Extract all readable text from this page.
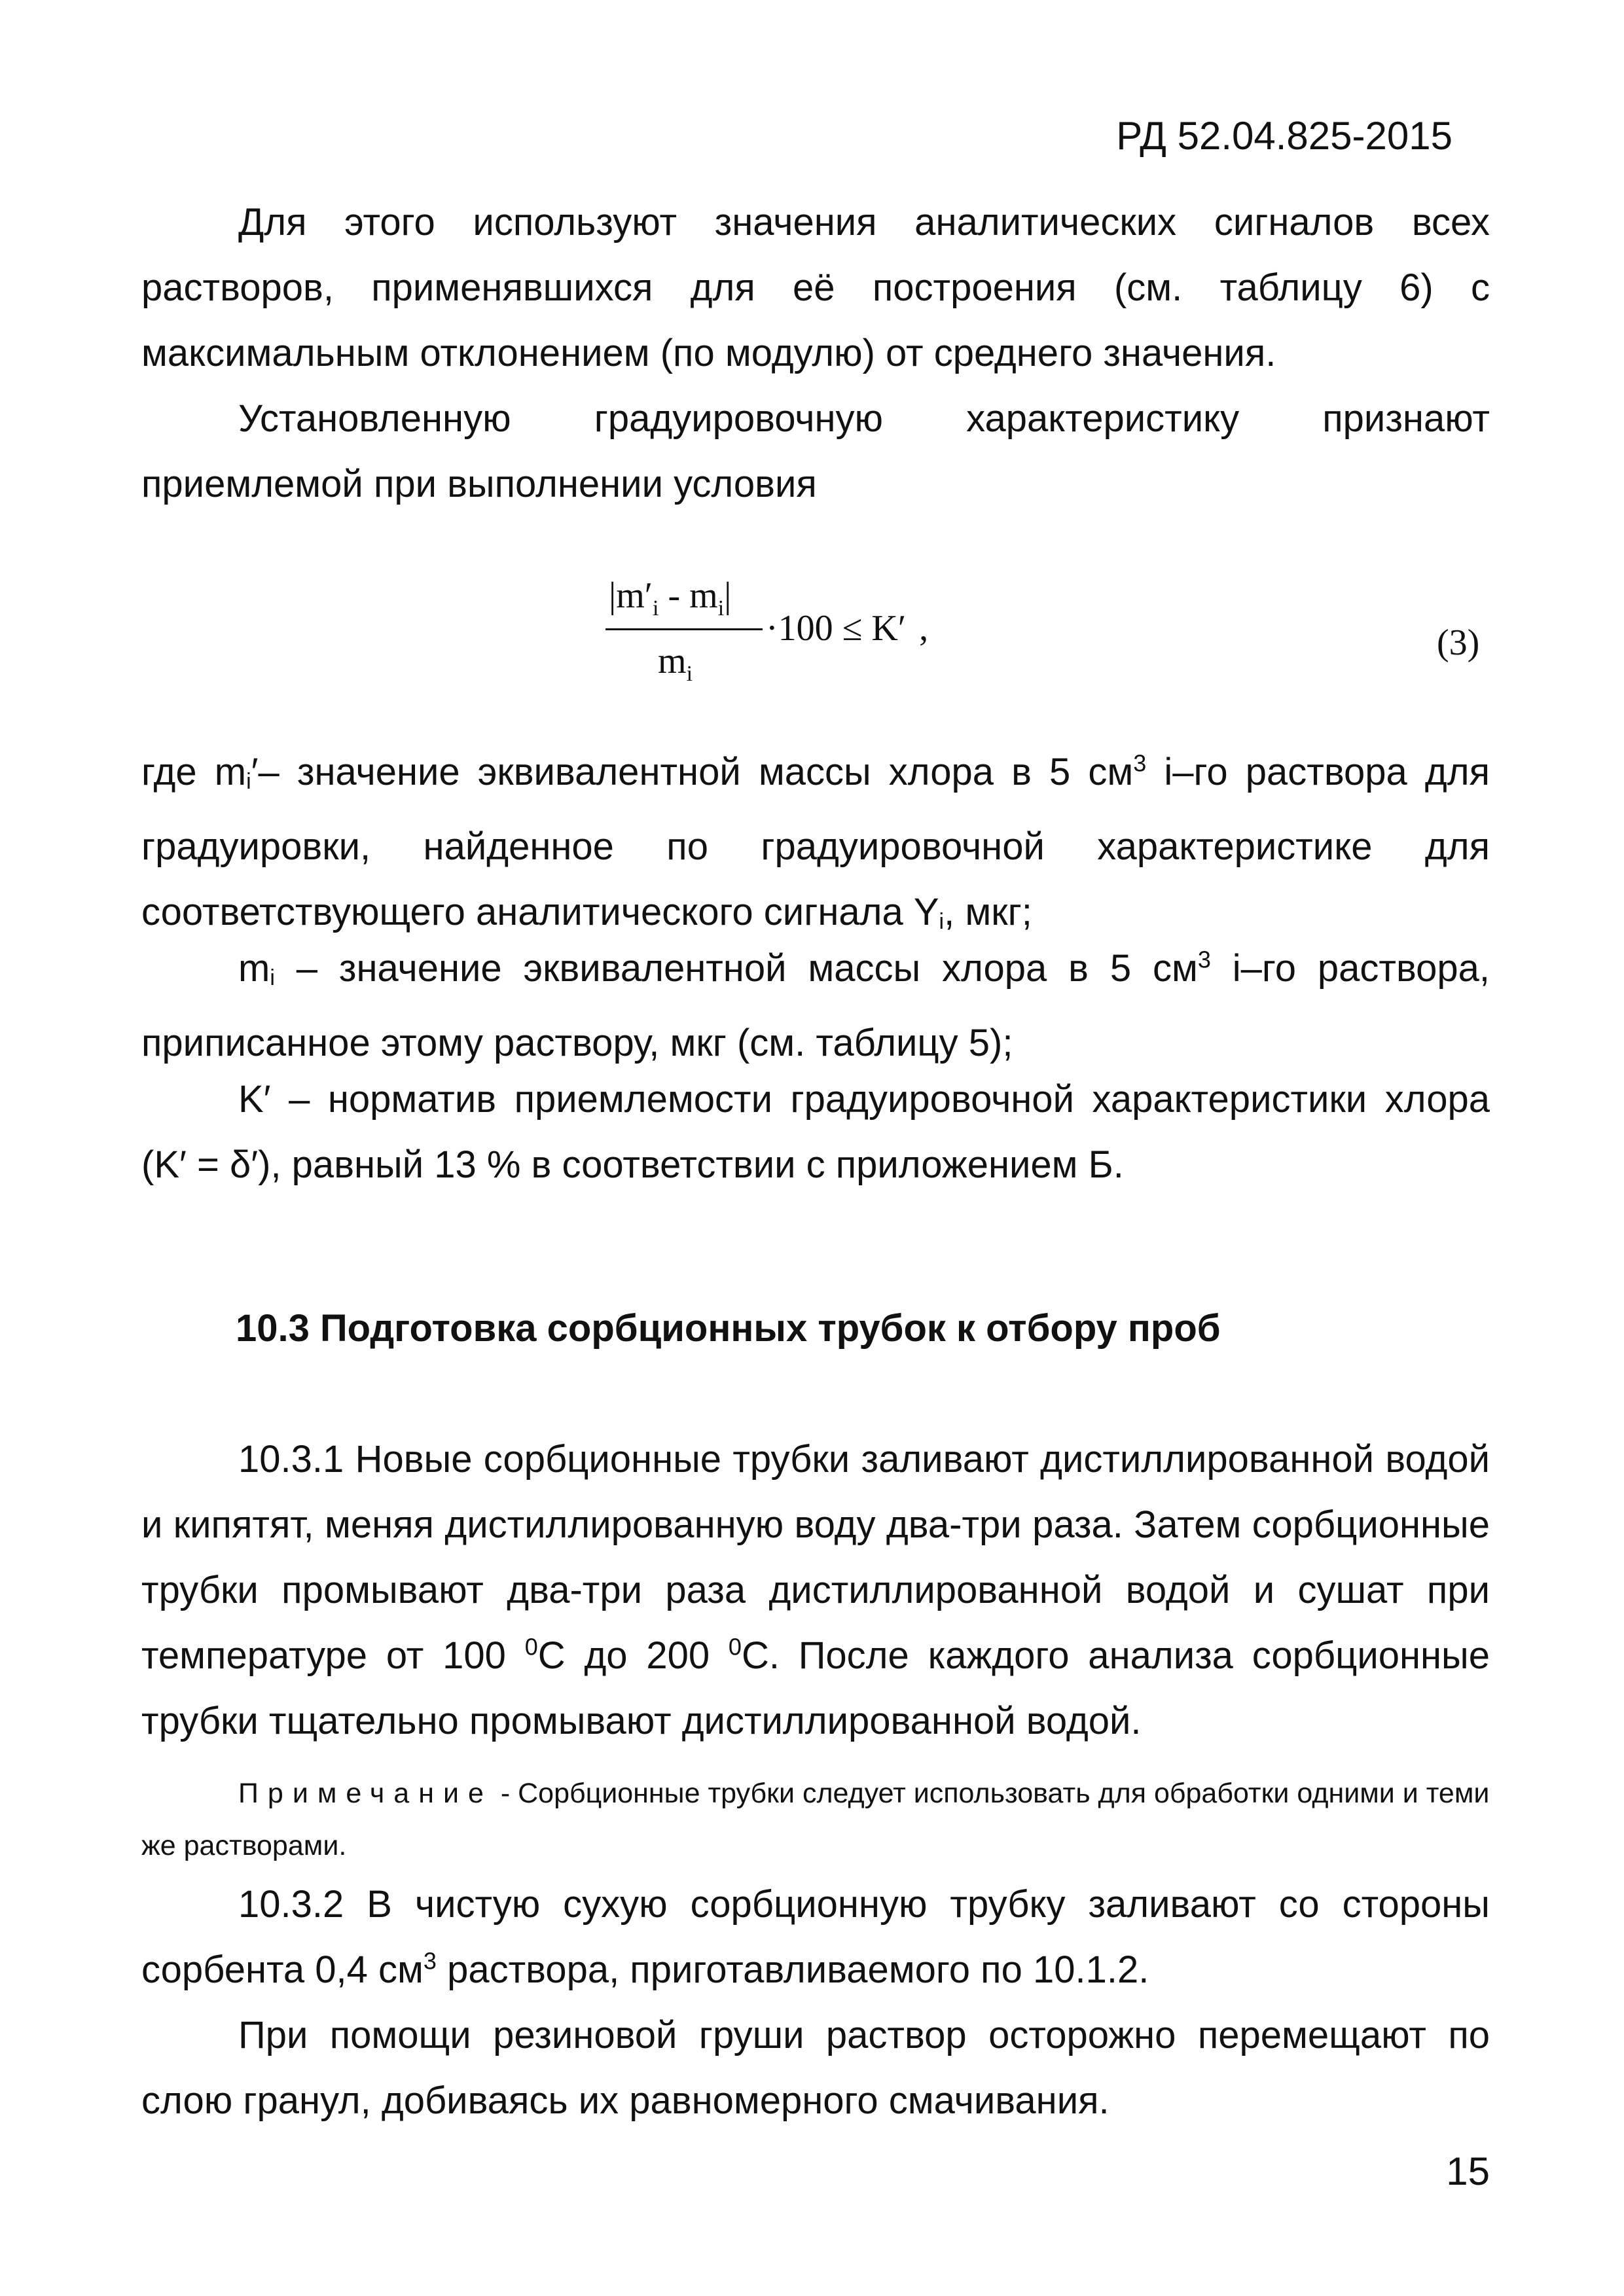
РД 52.04.825-2015
Для этого используют значения аналитических сигналов всех растворов, применявшихся для её построения (см. таблицу 6) с максимальным отклонением (по модулю) от среднего значения.
Установленную градуировочную характеристику признают приемлемой при выполнении условия
$|m'_i - m_i|$
$m_i$
·100 ≤ K′ ,	(3)
где mi′– значение эквивалентной массы хлора в 5 $см^3$ i–го раствора для градуировки, найденное по градуировочной характеристике для соответствующего аналитического сигнала Yi, мкг;
mi – значение эквивалентной массы хлора в 5 $см^3$ i–го раствора, приписанное этому раствору, мкг (см. таблицу 5);
K′ – норматив приемлемости градуировочной характеристики хлора (K′ = δ′), равный 13 % в соответствии с приложением Б.
10.3 Подготовка сорбционных трубок к отбору проб
10.3.1 Новые сорбционные трубки заливают дистиллированной водой и кипятят, меняя дистиллированную воду два-три раза. Затем сорбционные трубки промывают два-три раза дистиллированной водой и сушат при температуре от 100 $^0$С до 200 $^0$С. После каждого анализа сорбционные трубки тщательно промывают дистиллированной водой.
Примечание - Сорбционные трубки следует использовать для обработки одними и теми же растворами.
10.3.2 В чистую сухую сорбционную трубку заливают со стороны сорбента 0,4 $см^3$ раствора, приготавливаемого по 10.1.2.
При помощи резиновой груши раствор осторожно перемещают по слою гранул, добиваясь их равномерного смачивания.
15
